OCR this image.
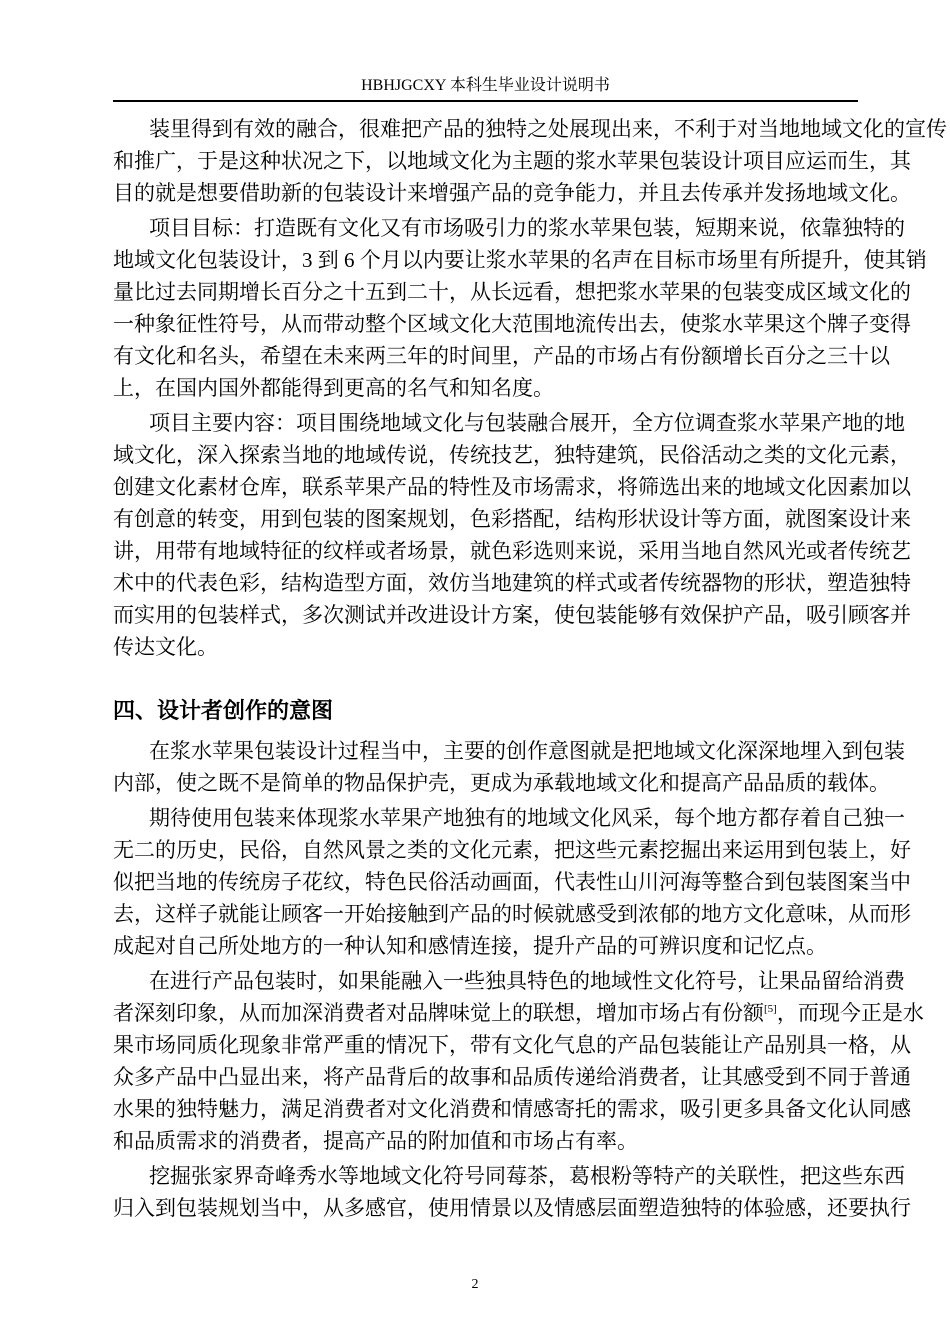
HBHJGCXY 本科生毕业设计说明书
装里得到有效的融合，很难把产品的独特之处展现出来，不利于对当地地域文化的宣传
和推广，于是这种状况之下，以地域文化为主题的浆水苹果包装设计项目应运而生，其
目的就是想要借助新的包装设计来增强产品的竞争能力，并且去传承并发扬地域文化。
项目目标：打造既有文化又有市场吸引力的浆水苹果包装，短期来说，依靠独特的
地域文化包装设计，3 到 6 个月以内要让浆水苹果的名声在目标市场里有所提升，使其销
量比过去同期增长百分之十五到二十，从长远看，想把浆水苹果的包装变成区域文化的
一种象征性符号，从而带动整个区域文化大范围地流传出去，使浆水苹果这个牌子变得
有文化和名头，希望在未来两三年的时间里，产品的市场占有份额增长百分之三十以
上，在国内国外都能得到更高的名气和知名度。
项目主要内容：项目围绕地域文化与包装融合展开，全方位调查浆水苹果产地的地
域文化，深入探索当地的地域传说，传统技艺，独特建筑，民俗活动之类的文化元素，
创建文化素材仓库，联系苹果产品的特性及市场需求，将筛选出来的地域文化因素加以
有创意的转变，用到包装的图案规划，色彩搭配，结构形状设计等方面，就图案设计来
讲，用带有地域特征的纹样或者场景，就色彩选则来说，采用当地自然风光或者传统艺
术中的代表色彩，结构造型方面，效仿当地建筑的样式或者传统器物的形状，塑造独特
而实用的包装样式，多次测试并改进设计方案，使包装能够有效保护产品，吸引顾客并
传达文化。
四、设计者创作的意图
在浆水苹果包装设计过程当中，主要的创作意图就是把地域文化深深地埋入到包装
内部，使之既不是简单的物品保护壳，更成为承载地域文化和提高产品品质的载体。
期待使用包装来体现浆水苹果产地独有的地域文化风采，每个地方都存着自己独一
无二的历史，民俗，自然风景之类的文化元素，把这些元素挖掘出来运用到包装上，好
似把当地的传统房子花纹，特色民俗活动画面，代表性山川河海等整合到包装图案当中
去，这样子就能让顾客一开始接触到产品的时候就感受到浓郁的地方文化意味，从而形
成起对自己所处地方的一种认知和感情连接，提升产品的可辨识度和记忆点。
在进行产品包装时，如果能融入一些独具特色的地域性文化符号，让果品留给消费
者深刻印象，从而加深消费者对品牌味觉上的联想，增加市场占有份额[5]，而现今正是水
果市场同质化现象非常严重的情况下，带有文化气息的产品包装能让产品别具一格，从
众多产品中凸显出来，将产品背后的故事和品质传递给消费者，让其感受到不同于普通
水果的独特魅力，满足消费者对文化消费和情感寄托的需求，吸引更多具备文化认同感
和品质需求的消费者，提高产品的附加值和市场占有率。
挖掘张家界奇峰秀水等地域文化符号同莓茶，葛根粉等特产的关联性，把这些东西
归入到包装规划当中，从多感官，使用情景以及情感层面塑造独特的体验感，还要执行
2
